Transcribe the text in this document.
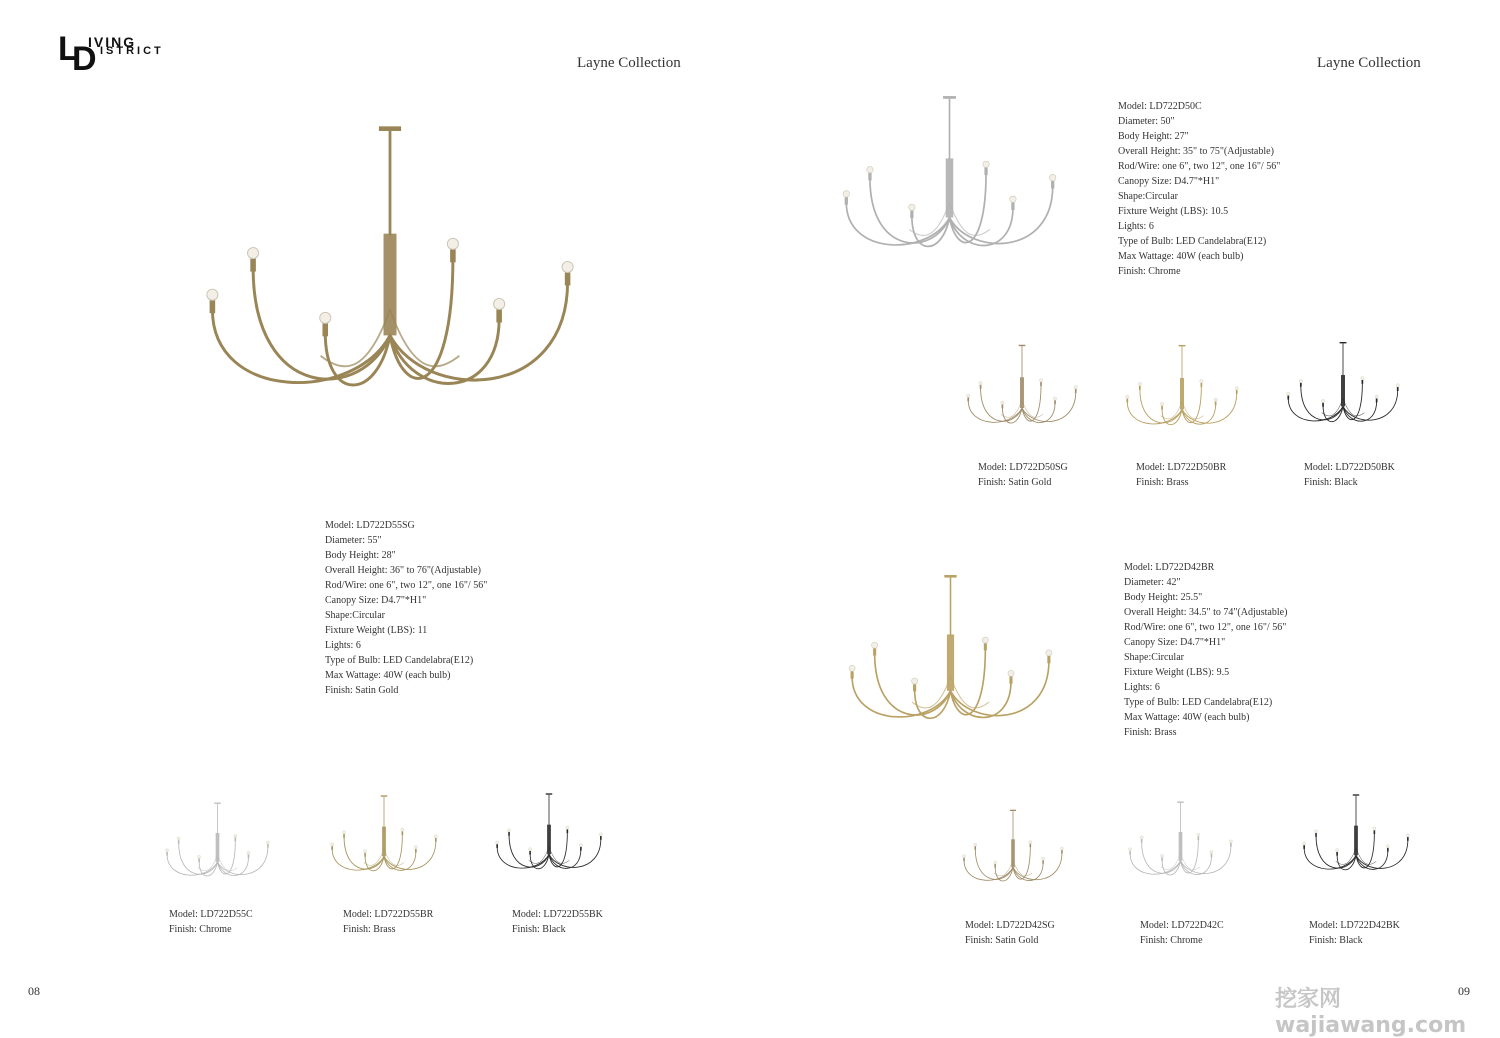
L
D
IVING
ISTRICT
Layne Collection	Layne Collection
Model: LD722D55SG
Diameter: 55"
Body Height: 28"
Overall Height: 36" to 76"(Adjustable)
Rod/Wire: one 6", two 12", one 16"/ 56"
Canopy Size: D4.7"*H1"
Shape:Circular
Fixture Weight (LBS): 11
Lights: 6
Type of Bulb: LED Candelabra(E12)
Max Wattage: 40W (each bulb)
Finish: Satin Gold
Model: LD722D55C
Finish: Chrome
Model: LD722D55BR
Finish: Brass
Model: LD722D55BK
Finish: Black
Model: LD722D50C
Diameter: 50"
Body Height: 27"
Overall Height: 35" to 75"(Adjustable)
Rod/Wire: one 6", two 12", one 16"/ 56"
Canopy Size: D4.7"*H1"
Shape:Circular
Fixture Weight (LBS): 10.5
Lights: 6
Type of Bulb: LED Candelabra(E12)
Max Wattage: 40W (each bulb)
Finish: Chrome
Model: LD722D50SG
Finish: Satin Gold
Model: LD722D50BR
Finish: Brass
Model: LD722D50BK
Finish: Black
Model: LD722D42BR
Diameter: 42"
Body Height: 25.5"
Overall Height: 34.5" to 74"(Adjustable)
Rod/Wire: one 6", two 12", one 16"/ 56"
Canopy Size: D4.7"*H1"
Shape:Circular
Fixture Weight (LBS): 9.5
Lights: 6
Type of Bulb: LED Candelabra(E12)
Max Wattage: 40W (each bulb)
Finish: Brass
Model: LD722D42SG
Finish: Satin Gold
Model: LD722D42C
Finish: Chrome
Model: LD722D42BK
Finish: Black
08	09
挖家网 wajiawang.com
